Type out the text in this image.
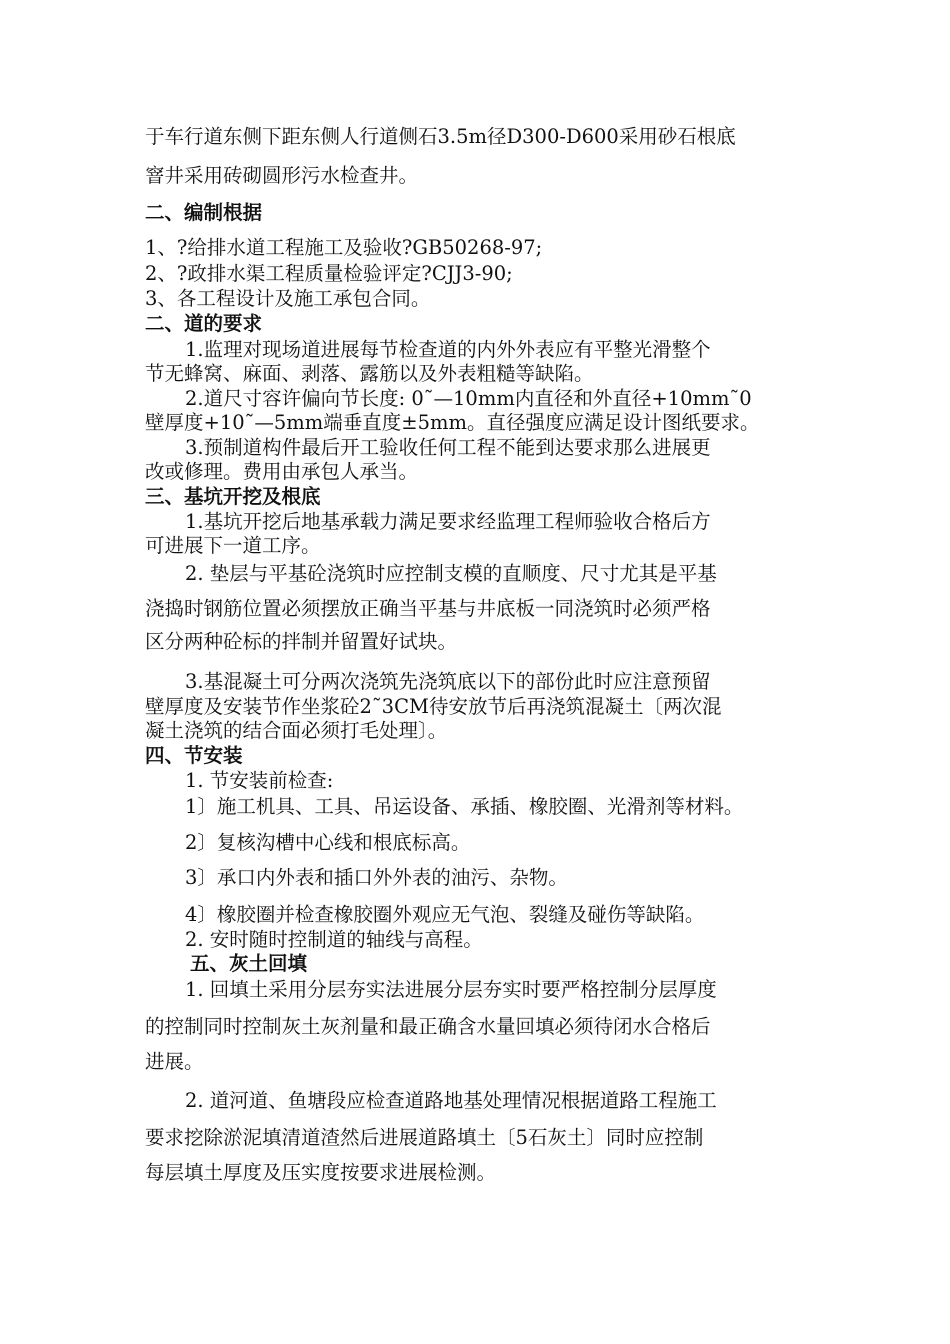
于车行道东侧下距东侧人行道侧石3.5m径D300-D600采用砂石根底

窨井采用砖砌圆形污水检查井。

二、编制根据

1、?给排水道工程施工及验收?GB50268-97;

2、?政排水渠工程质量检验评定?CJJ3-90;

3、各工程设计及施工承包合同。

二、道的要求

1.监理对现场道进展每节检查道的内外外表应有平整光滑整个

节无蜂窝、麻面、剥落、露筋以及外表粗糙等缺陷。

2.道尺寸容许偏向节长度: 0˜—10mm内直径和外直径+10mm˜0

壁厚度+10˜—5mm端垂直度±5mm。直径强度应满足设计图纸要求。

3.预制道构件最后开工验收任何工程不能到达要求那么进展更

改或修理。费用由承包人承当。

三、基坑开挖及根底

1.基坑开挖后地基承载力满足要求经监理工程师验收合格后方

可进展下一道工序。

2. 垫层与平基砼浇筑时应控制支模的直顺度、尺寸尤其是平基

浇捣时钢筋位置必须摆放正确当平基与井底板一同浇筑时必须严格

区分两种砼标的拌制并留置好试块。

3.基混凝土可分两次浇筑先浇筑底以下的部份此时应注意预留

壁厚度及安装节作坐浆砼2˜3CM待安放节后再浇筑混凝土〔两次混

凝土浇筑的结合面必须打毛处理〕。

四、节安装

1. 节安装前检查:

1〕施工机具、工具、吊运设备、承插、橡胶圈、光滑剂等材料。

2〕复核沟槽中心线和根底标高。

3〕承口内外表和插口外外表的油污、杂物。

4〕橡胶圈并检查橡胶圈外观应无气泡、裂缝及碰伤等缺陷。

2. 安时随时控制道的轴线与高程。

五、灰土回填

1. 回填土采用分层夯实法进展分层夯实时要严格控制分层厚度

的控制同时控制灰土灰剂量和最正确含水量回填必须待闭水合格后

进展。

2. 道河道、鱼塘段应检查道路地基处理情况根据道路工程施工

要求挖除淤泥填清道渣然后进展道路填土〔5石灰土〕同时应控制

每层填土厚度及压实度按要求进展检测。
